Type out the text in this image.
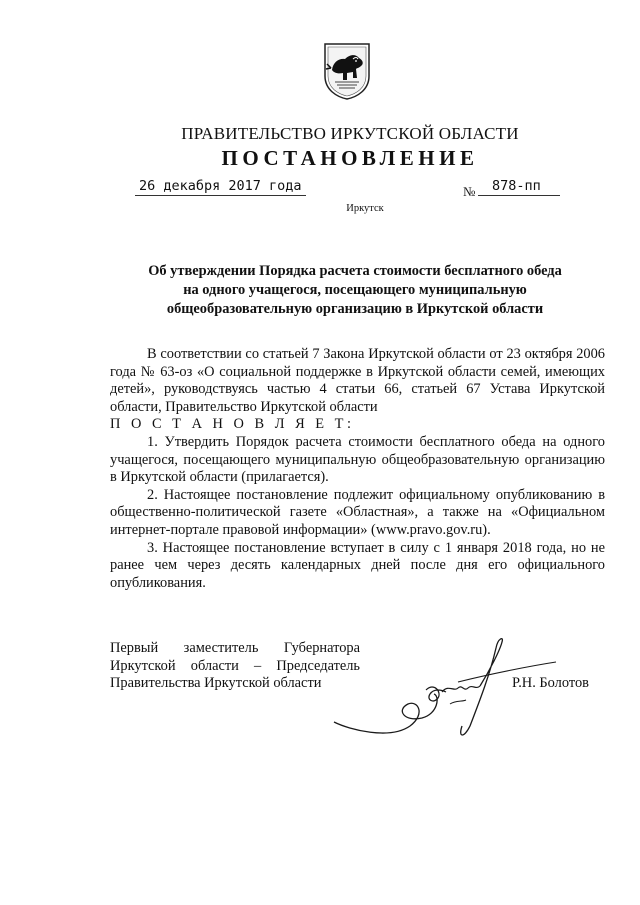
ПРАВИТЕЛЬСТВО ИРКУТСКОЙ ОБЛАСТИ
ПОСТАНОВЛЕНИЕ
26 декабря 2017 года	№	878-пп
Иркутск
Об утверждении Порядка расчета стоимости бесплатного обеда
на одного учащегося, посещающего муниципальную
общеобразовательную организацию в Иркутской области

В соответствии со статьей 7 Закона Иркутской области от 23 октября 2006 года № 63-оз «О социальной поддержке в Иркутской области семей, имеющих детей», руководствуясь частью 4 статьи 66, статьей 67 Устава Иркутской области, Правительство Иркутской области

П О С Т А Н О В Л Я Е Т:

1. Утвердить Порядок расчета стоимости бесплатного обеда на одного учащегося, посещающего муниципальную общеобразовательную организацию в Иркутской области (прилагается).

2. Настоящее постановление подлежит официальному опубликованию в общественно-политической газете «Областная», а также на «Официальном интернет-портале правовой информации» (www.pravo.gov.ru).

3. Настоящее постановление вступает в силу с 1 января 2018 года, но не ранее чем через десять календарных дней после дня его официального опубликования.

Первый заместитель Губернатора
Иркутской области – Председатель
Правительства Иркутской области	Р.Н. Болотов
